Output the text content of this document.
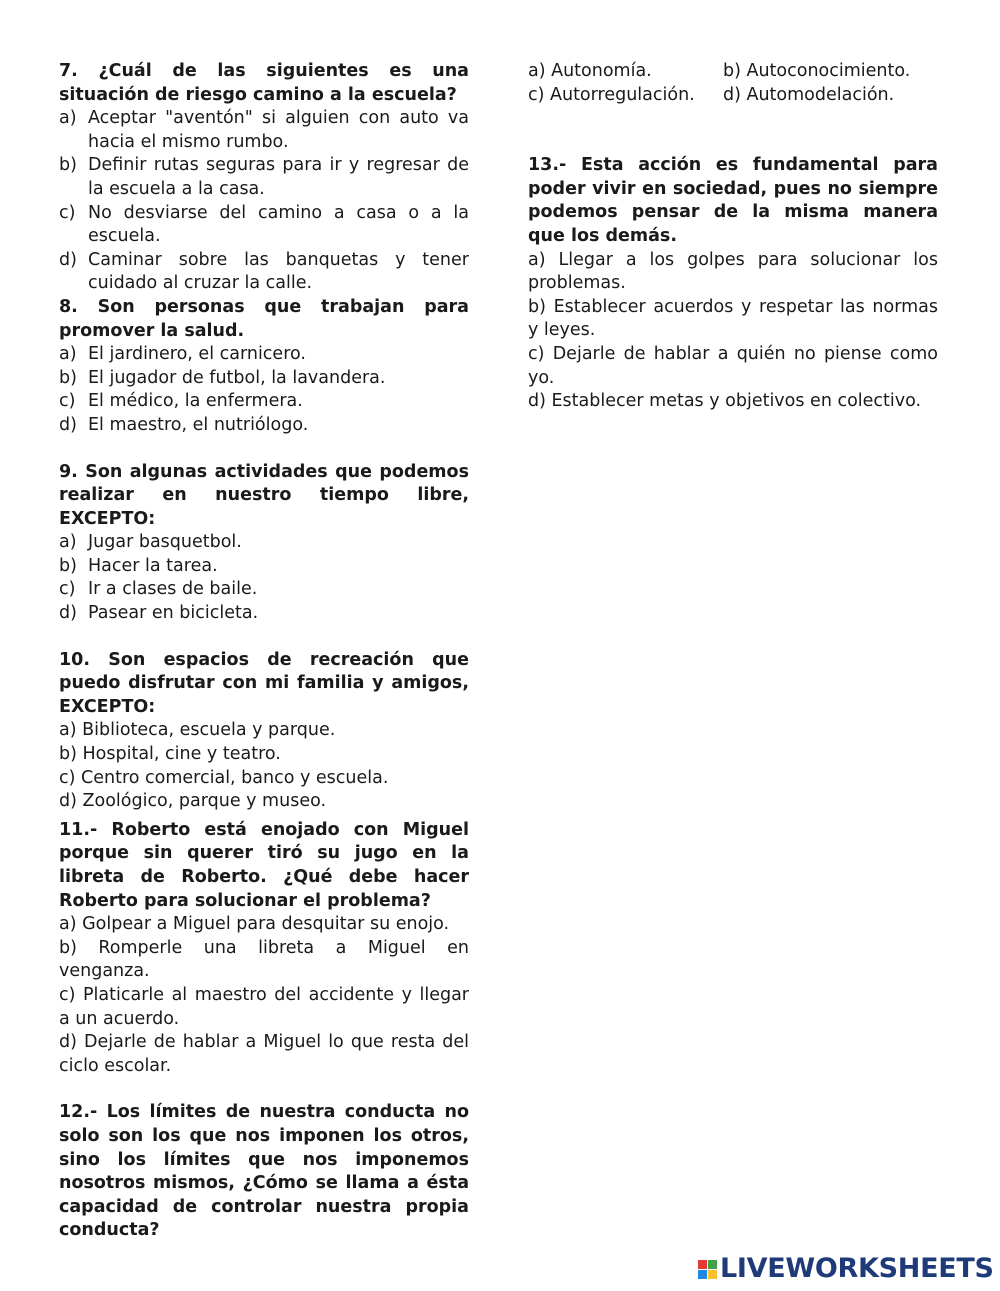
7. ¿Cuál de las siguientes es una situación de riesgo camino a la escuela?
a) Aceptar "aventón" si alguien con auto va hacia el mismo rumbo.
b) Definir rutas seguras para ir y regresar de la escuela a la casa.
c) No desviarse del camino a casa o a la escuela.
d) Caminar sobre las banquetas y tener cuidado al cruzar la calle.
8. Son personas que trabajan para promover la salud.
a) El jardinero, el carnicero.
b) El jugador de futbol, la lavandera.
c) El médico, la enfermera.
d) El maestro, el nutriólogo.
9. Son algunas actividades que podemos realizar en nuestro tiempo libre, EXCEPTO:
a) Jugar basquetbol.
b) Hacer la tarea.
c) Ir a clases de baile.
d) Pasear en bicicleta.
10. Son espacios de recreación que puedo disfrutar con mi familia y amigos, EXCEPTO:
a) Biblioteca, escuela y parque.
b) Hospital, cine y teatro.
c) Centro comercial, banco y escuela.
d) Zoológico, parque y museo.
11.- Roberto está enojado con Miguel porque sin querer tiró su jugo en la libreta de Roberto. ¿Qué debe hacer Roberto para solucionar el problema?
a) Golpear a Miguel para desquitar su enojo.
b) Romperle una libreta a Miguel en venganza.
c) Platicarle al maestro del accidente y llegar a un acuerdo.
d) Dejarle de hablar a Miguel lo que resta del ciclo escolar.
12.- Los límites de nuestra conducta no solo son los que nos imponen los otros, sino los límites que nos imponemos nosotros mismos, ¿Cómo se llama a ésta capacidad de controlar nuestra propia conducta?
a) Autonomía.	b) Autoconocimiento.
c) Autorregulación.	d) Automodelación.
13.- Esta acción es fundamental para poder vivir en sociedad, pues no siempre podemos pensar de la misma manera que los demás.
a) Llegar a los golpes para solucionar los problemas.
b) Establecer acuerdos y respetar las normas y leyes.
c) Dejarle de hablar a quién no piense como yo.
d) Establecer metas y objetivos en colectivo.
LIVEWORKSHEETS
